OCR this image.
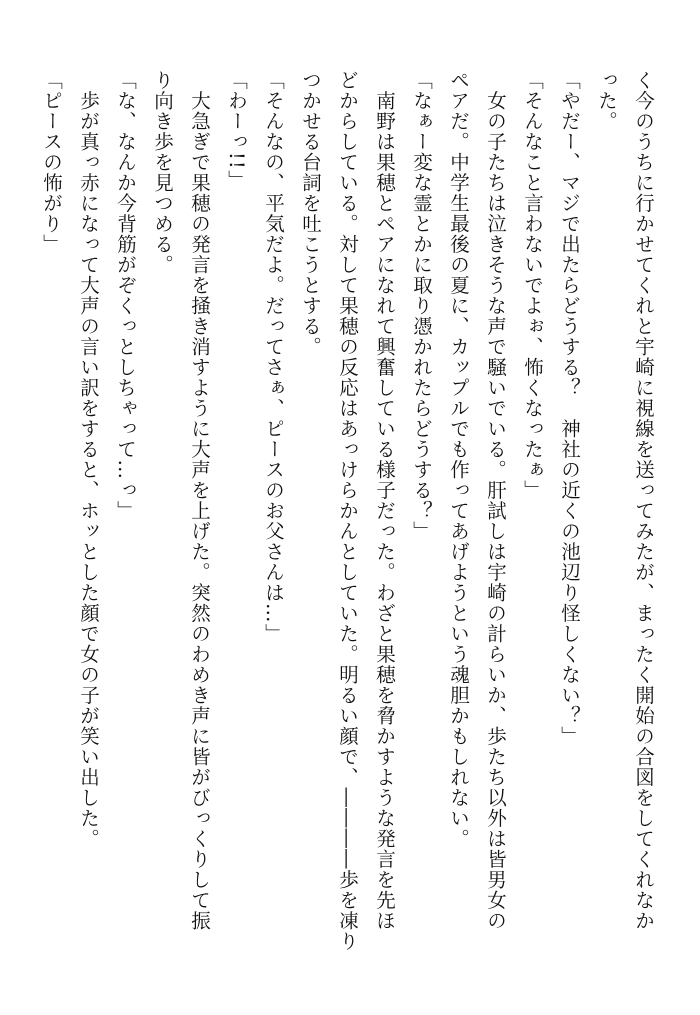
く今のうちに行かせてくれと宇崎に視線を送ってみたが、まったく開始の合図をしてくれなか
った。
「やだー、マジで出たらどうする？　神社の近くの池辺り怪しくない？」
「そんなこと言わないでよぉ、怖くなったぁ」
　女の子たちは泣きそうな声で騒いでいる。肝試しは宇崎の計らいか、歩たち以外は皆男女の
ペアだ。中学生最後の夏に、カップルでも作ってあげようという魂胆かもしれない。
「なぁー変な霊とかに取り憑かれたらどうする？」
　南野は果穂とペアになれて興奮している様子だった。わざと果穂を脅かすような発言を先ほ
どからしている。対して果穂の反応はあっけらかんとしていた。明るい顔で、――――歩を凍り
つかせる台詞を吐こうとする。
「そんなの、平気だよ。だってさぁ、ピースのお父さんは…」
「わーっ!!」
　大急ぎで果穂の発言を掻き消すように大声を上げた。突然のわめき声に皆がびっくりして振
り向き歩を見つめる。
「な、なんか今背筋がぞくっとしちゃって…っ」
　歩が真っ赤になって大声の言い訳をすると、ホッとした顔で女の子が笑い出した。
「ピースの怖がり」
